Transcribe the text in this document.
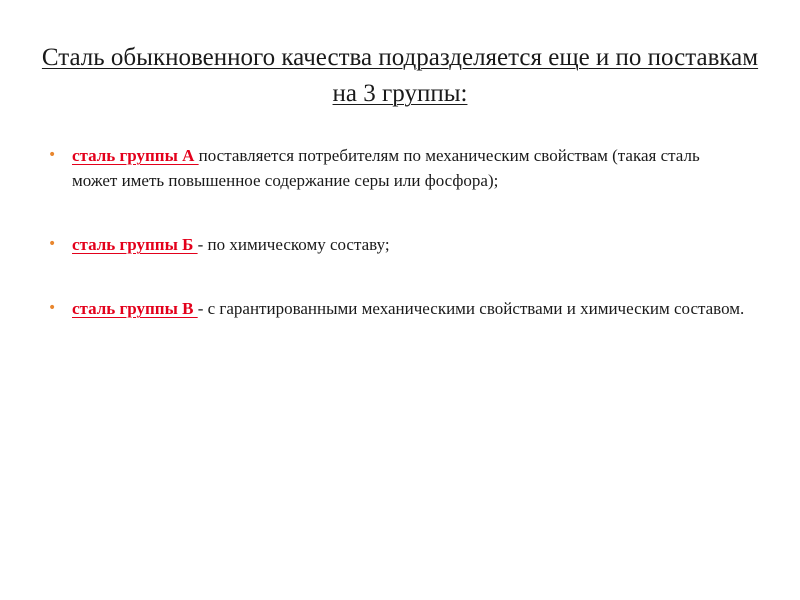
Сталь обыкновенного качества подразделяется еще и по поставкам на 3 группы:
• сталь группы А поставляется потребителям по механическим свойствам (такая сталь может иметь повышенное содержание серы или фосфора);
• сталь группы Б - по химическому составу;
• сталь группы В - с гарантированными механическими свойствами и химическим составом.
